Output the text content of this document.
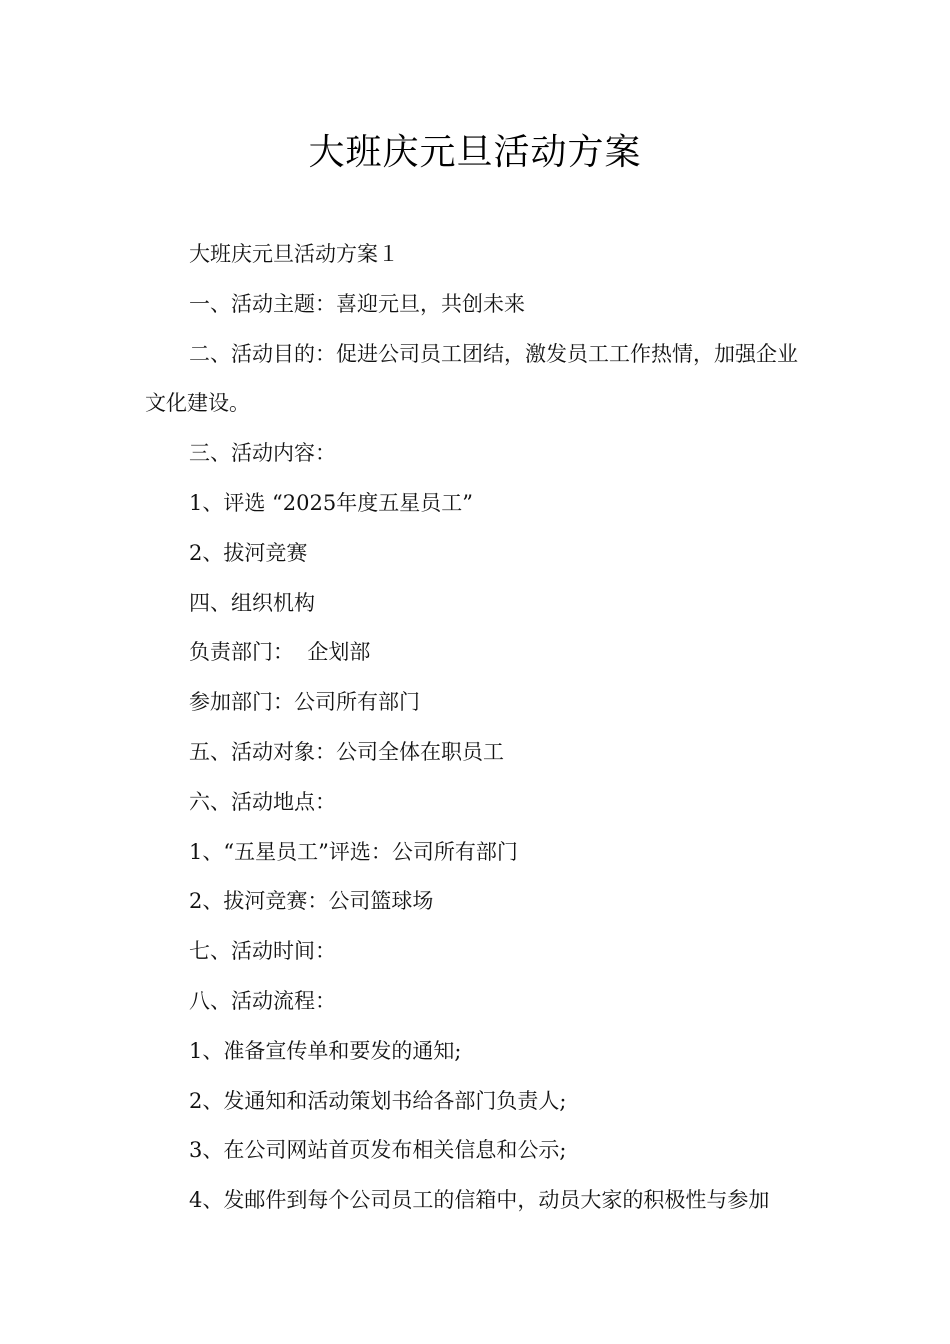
大班庆元旦活动方案

大班庆元旦活动方案１

一、活动主题：喜迎元旦，共创未来

二、活动目的：促进公司员工团结，激发员工工作热情，加强企业文化建设。

三、活动内容：

1、评选 “2025年度五星员工”

2、拔河竞赛

四、组织机构

负责部门：  企划部

参加部门：公司所有部门

五、活动对象：公司全体在职员工

六、活动地点：

1、“五星员工”评选：公司所有部门

2、拔河竞赛：公司篮球场

七、活动时间：

八、活动流程：

1、准备宣传单和要发的通知;

2、发通知和活动策划书给各部门负责人;

3、在公司网站首页发布相关信息和公示;

4、发邮件到每个公司员工的信箱中，动员大家的积极性与参加
